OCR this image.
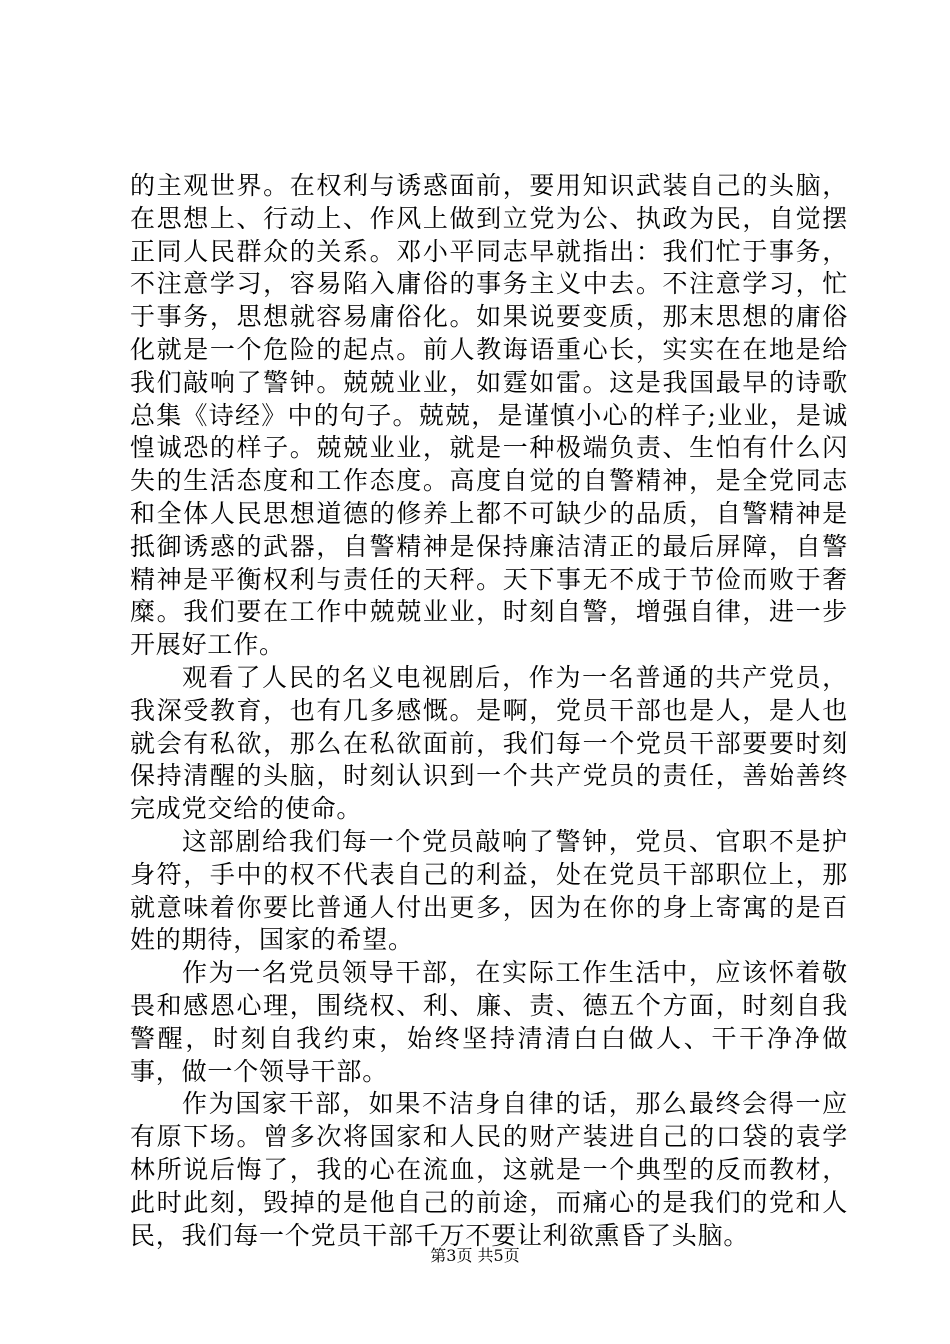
的主观世界。在权利与诱惑面前，要用知识武装自己的头脑，在思想上、行动上、作风上做到立党为公、执政为民，自觉摆正同人民群众的关系。邓小平同志早就指出：我们忙于事务，不注意学习，容易陷入庸俗的事务主义中去。不注意学习，忙于事务，思想就容易庸俗化。如果说要变质，那末思想的庸俗化就是一个危险的起点。前人教诲语重心长，实实在在地是给我们敲响了警钟。兢兢业业，如霆如雷。这是我国最早的诗歌总集《诗经》中的句子。兢兢，是谨慎小心的样子;业业，是诚惶诚恐的样子。兢兢业业，就是一种极端负责、生怕有什么闪失的生活态度和工作态度。高度自觉的自警精神，是全党同志和全体人民思想道德的修养上都不可缺少的品质，自警精神是抵御诱惑的武器，自警精神是保持廉洁清正的最后屏障，自警精神是平衡权利与责任的天秤。天下事无不成于节俭而败于奢糜。我们要在工作中兢兢业业，时刻自警，增强自律，进一步开展好工作。

观看了人民的名义电视剧后，作为一名普通的共产党员，我深受教育，也有几多感慨。是啊，党员干部也是人，是人也就会有私欲，那么在私欲面前，我们每一个党员干部要要时刻保持清醒的头脑，时刻认识到一个共产党员的责任，善始善终完成党交给的使命。

这部剧给我们每一个党员敲响了警钟，党员、官职不是护身符，手中的权不代表自己的利益，处在党员干部职位上，那就意味着你要比普通人付出更多，因为在你的身上寄寓的是百姓的期待，国家的希望。

作为一名党员领导干部，在实际工作生活中，应该怀着敬畏和感恩心理，围绕权、利、廉、责、德五个方面，时刻自我警醒，时刻自我约束，始终坚持清清白白做人、干干净净做事，做一个领导干部。

作为国家干部，如果不洁身自律的话，那么最终会得一应有原下场。曾多次将国家和人民的财产装进自己的口袋的袁学林所说后悔了，我的心在流血，这就是一个典型的反而教材，此时此刻，毁掉的是他自己的前途，而痛心的是我们的党和人民，我们每一个党员干部千万不要让利欲熏昏了头脑。

第3页 共5页
